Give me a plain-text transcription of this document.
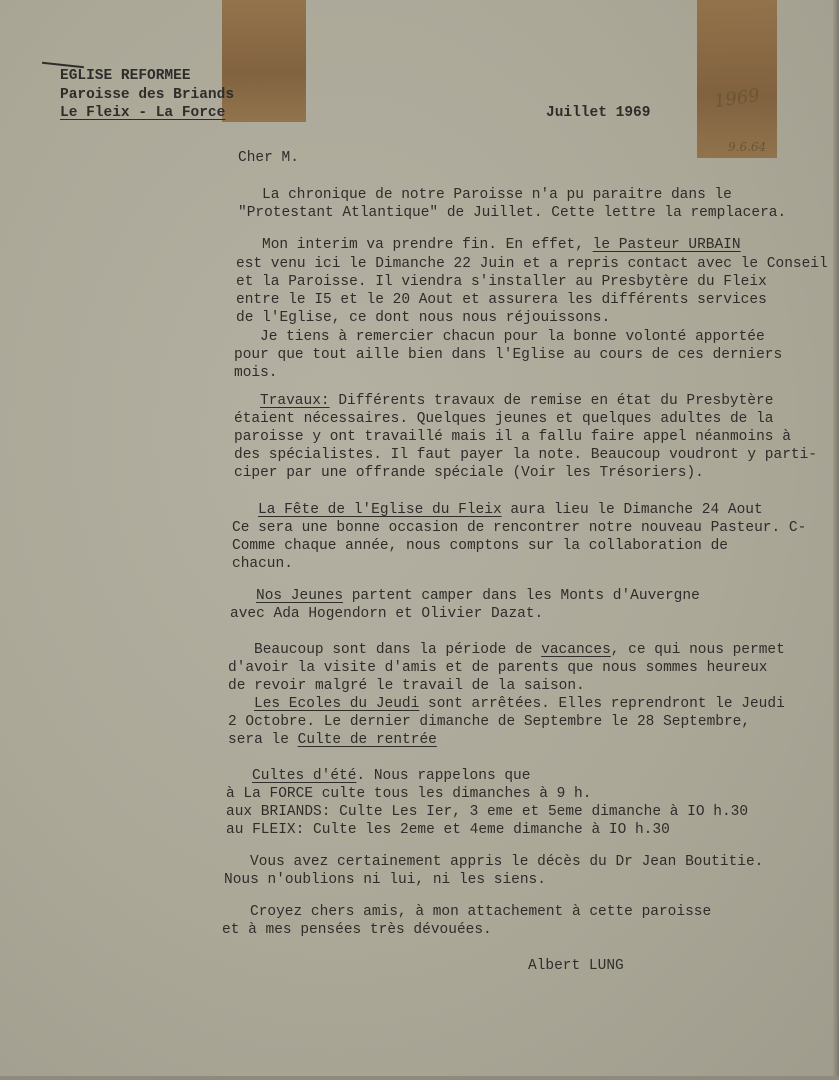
1969
9.6.64
EGLISE REFORMEE
Paroisse des Briands
Le Fleix - La Force	Juillet 1969
Cher M.
La chronique de notre Paroisse n'a pu paraitre dans le
"Protestant Atlantique" de Juillet. Cette lettre la remplacera.
Mon interim va prendre fin. En effet, le Pasteur URBAIN
est venu ici le Dimanche 22 Juin et a repris contact avec le Conseil
et la Paroisse. Il viendra s'installer au Presbytère du Fleix
entre le I5 et le 20 Aout et assurera les différents services
de l'Eglise, ce dont nous nous réjouissons.
Je tiens à remercier chacun pour la bonne volonté apportée
pour que tout aille bien dans l'Eglise au cours de ces derniers
mois.
Travaux: Différents travaux de remise en état du Presbytère
étaient nécessaires. Quelques jeunes et quelques adultes de la
paroisse y ont travaillé mais il a fallu faire appel néanmoins à
des spécialistes. Il faut payer la note. Beaucoup voudront y parti-
ciper par une offrande spéciale (Voir les Trésoriers).
La Fête de l'Eglise du Fleix aura lieu le Dimanche 24 Aout
Ce sera une bonne occasion de rencontrer notre nouveau Pasteur. C-
Comme chaque année, nous comptons sur la collaboration de
chacun.
Nos Jeunes partent camper dans les Monts d'Auvergne
avec Ada Hogendorn et Olivier Dazat.
Beaucoup sont dans la période de vacances, ce qui nous permet
d'avoir la visite d'amis et de parents que nous sommes heureux
de revoir malgré le travail de la saison.
Les Ecoles du Jeudi sont arrêtées. Elles reprendront le Jeudi
2 Octobre. Le dernier dimanche de Septembre le 28 Septembre,
sera le Culte de rentrée
Cultes d'été. Nous rappelons que
à La FORCE culte tous les dimanches à 9 h.
aux BRIANDS: Culte Les Ier, 3 eme et 5eme dimanche à IO h.30
au FLEIX: Culte les 2eme et 4eme dimanche à IO h.30
Vous avez certainement appris le décès du Dr Jean Boutitie.
Nous n'oublions ni lui, ni les siens.
Croyez chers amis, à mon attachement à cette paroisse
et à mes pensées très dévouées.
Albert LUNG
